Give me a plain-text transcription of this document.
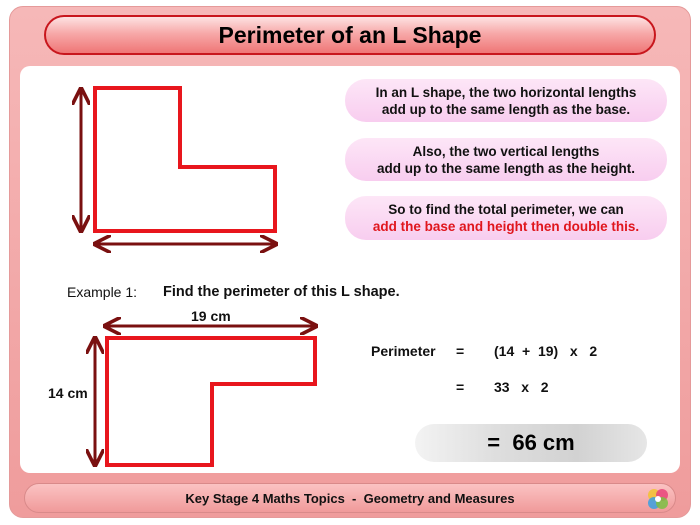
Perimeter of an L Shape
In an L shape, the two horizontal lengths
add up to the same length as the base.
Also, the two vertical lengths
add up to the same length as the height.
So to find the total perimeter, we can
add the base and height then double this.
Example 1: Find the perimeter of this L shape.
19 cm
14 cm
Perimeter = (14  +  19)   x   2
= 33   x   2
=  66 cm
Key Stage 4 Maths Topics  -  Geometry and Measures
